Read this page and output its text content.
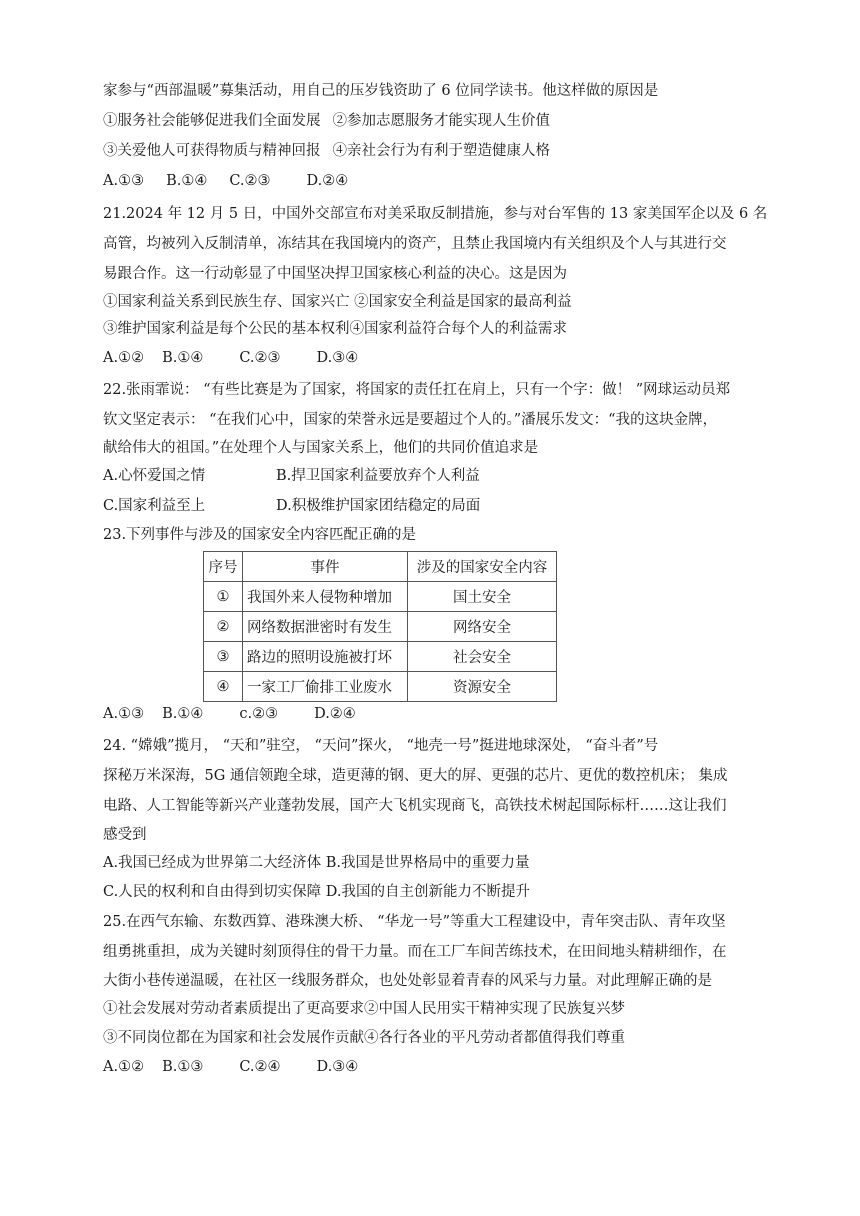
家参与“西部温暖”募集活动，用自己的压岁钱资助了 6 位同学读书。他这样做的原因是
①服务社会能够促进我们全面发展 ②参加志愿服务才能实现人生价值
③关爱他人可获得物质与精神回报 ④亲社会行为有利于塑造健康人格
A.①③ B.①④ C.②③ D.②④
21.2024 年 12 月 5 日，中国外交部宣布对美采取反制措施，参与对台军售的 13 家美国军企以及 6 名
高管，均被列入反制清单，冻结其在我国境内的资产，且禁止我国境内有关组织及个人与其进行交
易跟合作。这一行动彰显了中国坚决捍卫国家核心利益的决心。这是因为
①国家利益关系到民族生存、国家兴亡 ②国家安全利益是国家的最高利益
③维护国家利益是每个公民的基本权利④国家利益符合每个人的利益需求
A.①② B.①④ C.②③ D.③④
22.张雨霏说： “有些比赛是为了国家，将国家的责任扛在肩上，只有一个字：做！ ”网球运动员郑
钦文坚定表示： “在我们心中，国家的荣誉永远是要超过个人的。”潘展乐发文：“我的这块金牌，
献给伟大的祖国。”在处理个人与国家关系上，他们的共同价值追求是
A.心怀爱国之情	B.捍卫国家利益要放弃个人利益
C.国家利益至上	D.积极维护国家团结稳定的局面
23.下列事件与涉及的国家安全内容匹配正确的是
序号	事件	涉及的国家安全内容
①	我国外来人侵物种增加	国土安全
②	网络数据泄密时有发生	网络安全
③	路边的照明设施被打坏	社会安全
④	一家工厂偷排工业废水	资源安全
A.①③ B.①④ c.②③ D.②④
24. “嫦娥”揽月， “天和”驻空， “天问”探火， “地壳一号”挺进地球深处， “奋斗者”号
探秘万米深海，5G 通信领跑全球，造更薄的钢、更大的屏、更强的芯片、更优的数控机床； 集成
电路、人工智能等新兴产业蓬勃发展，国产大飞机实现商飞，高铁技术树起国际标杆……这让我们
感受到
A.我国已经成为世界第二大经济体 B.我国是世界格局中的重要力量
C.人民的权利和自由得到切实保障 D.我国的自主创新能力不断提升
25.在西气东输、东数西算、港珠澳大桥、 “华龙一号”等重大工程建设中，青年突击队、青年攻坚
组勇挑重担，成为关键时刻顶得住的骨干力量。而在工厂车间苦练技术，在田间地头精耕细作，在
大街小巷传递温暖，在社区一线服务群众，也处处彰显着青春的风采与力量。对此理解正确的是
①社会发展对劳动者素质提出了更高要求②中国人民用实干精神实现了民族复兴梦
③不同岗位都在为国家和社会发展作贡献④各行各业的平凡劳动者都值得我们尊重
A.①② B.①③ C.②④ D.③④
